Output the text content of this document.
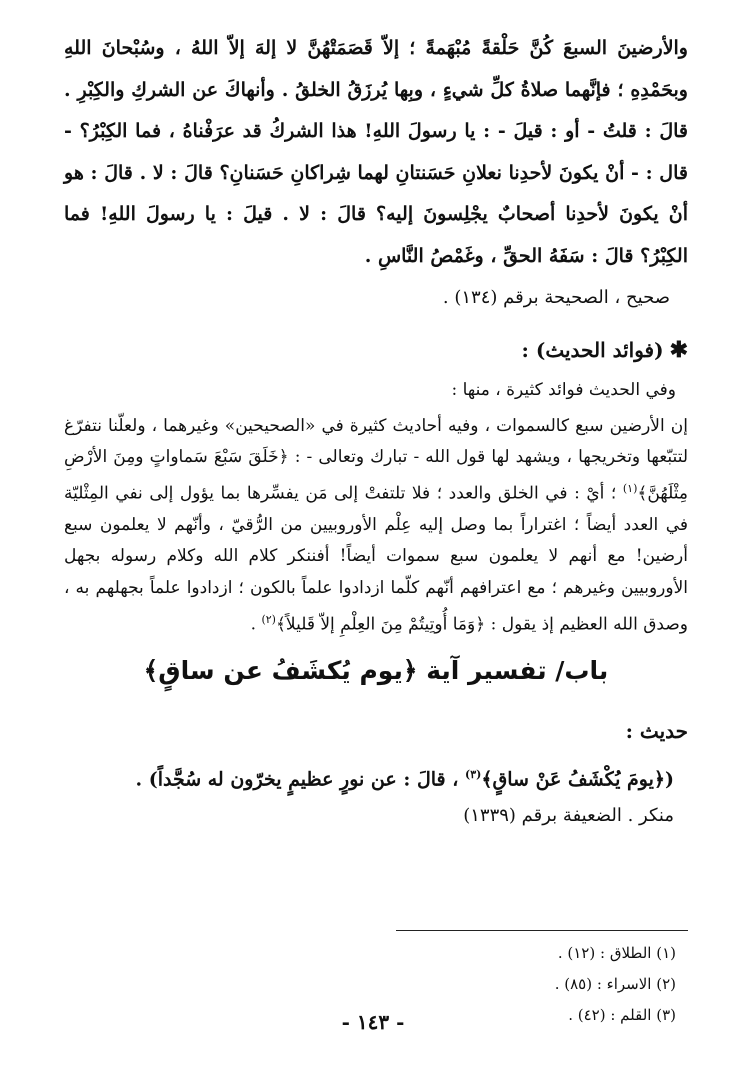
والأرضينَ السبعَ كُنَّ حَلْقةً مُبْهَمةً ؛ إلاّ قَصَمَتْهُنَّ لا إلهَ إلاّ اللهُ ، وسُبْحانَ اللهِ وبحَمْدِهِ ؛ فإنَّهما صلاةُ كلِّ شيءٍ ، وبِها يُرزَقُ الخلقُ . وأنهاكَ عن الشركِ والكِبْرِ . قالَ : قلتُ - أو : قيلَ - : يا رسولَ اللهِ! هذا الشركُ قد عرَفْناهُ ، فما الكِبْرُ؟ - قال : - أنْ يكونَ لأحدِنا نعلانِ حَسَنتانِ لهما شِراكانِ حَسَنانِ؟ قالَ : لا . قالَ : هو أنْ يكونَ لأحدِنا أصحابٌ يجْلِسونَ إليه؟ قالَ : لا . قيلَ : يا رسولَ اللهِ! فما الكِبْرُ؟ قالَ : سَفَهُ الحقِّ ، وغَمْصُ النَّاسِ .

صحيح ، الصحيحة برقم (١٣٤) .

✱(فوائد الحديث) :

وفي الحديث فوائد كثيرة ، منها :

إن الأرضين سبع كالسموات ، وفيه أحاديث كثيرة في «الصحيحين» وغيرهما ، ولعلّنا نتفرّغ لتتبّعها وتخريجها ، ويشهد لها قول الله - تبارك وتعالى - : ﴿خَلَقَ سَبْعَ سَماواتٍ ومِنَ الأرْضِ مِثْلَهُنَّ﴾$^{(١)}$ ؛ أيْ : في الخلق والعدد ؛ فلا تلتفتْ إلى مَن يفسِّرها بما يؤول إلى نفي المِثْليّة في العدد أيضاً ؛ اغتراراً بما وصل إليه عِلْم الأوروبيين من الرُّقيّ ، وأنّهم لا يعلمون سبع أرضين! مع أنهم لا يعلمون سبع سموات أيضاً! أفننكر كلام الله وكلام رسوله بجهل الأوروبيين وغيرهم ؛ مع اعترافهم أنّهم كلّما ازدادوا علماً بالكون ؛ ازدادوا علماً بجهلهم به ، وصدق الله العظيم إذ يقول : ﴿وَمَا أُوتِيتُمْ مِنَ العِلْمِ إلاّ قَليلاً﴾$^{(٢)}$ .

باب/ تفسير آية ﴿يوم يُكشَفُ عن ساقٍ﴾

حديث :

(﴿يومَ يُكْشَفُ عَنْ ساقٍ﴾$^{(٣)}$ ، قالَ : عن نورٍ عظيمٍ يخرّون له سُجَّداً) .

منكر . الضعيفة برقم (١٣٣٩)

(١) الطلاق : (١٢) .
(٢) الاسراء : (٨٥) .
(٣) القلم : (٤٢) .
- ١٤٣ -
